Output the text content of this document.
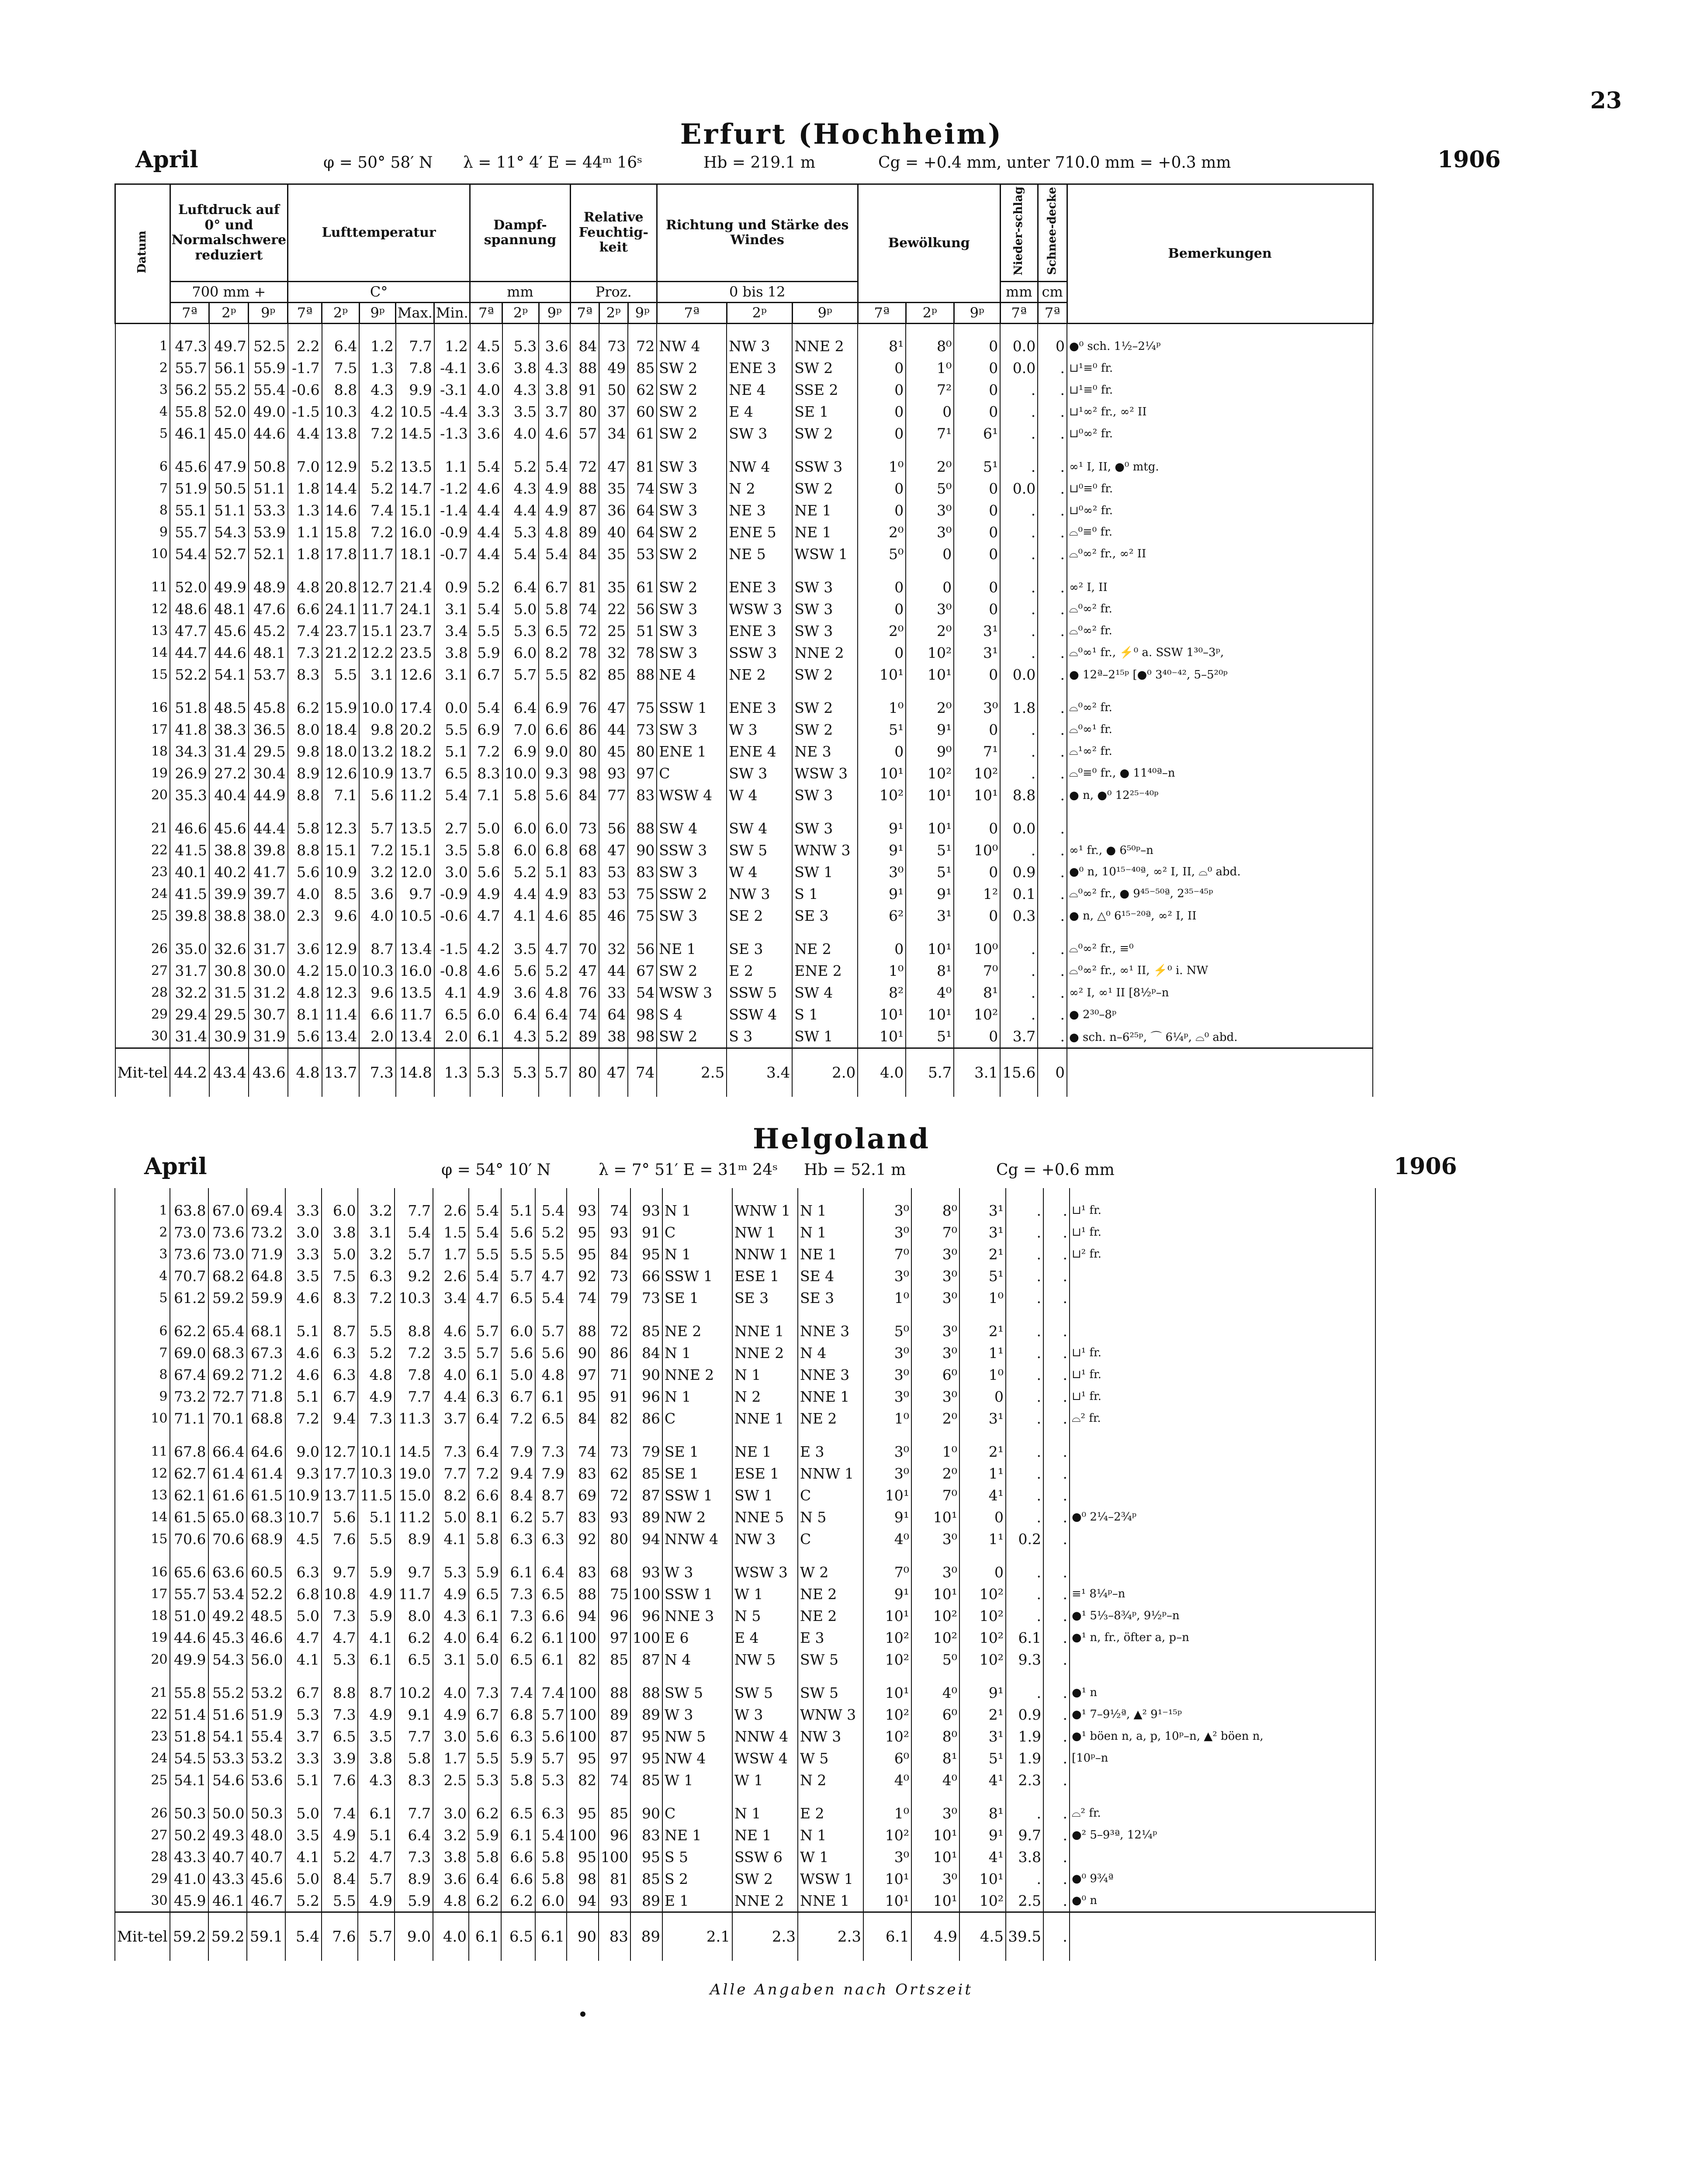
23
Erfurt (Hochheim)
April	φ = 50° 58′ N λ = 11° 4′ E = 44ᵐ 16ˢ	Hb = 219.1 m	Cg = +0.4 mm, unter 710.0 mm = +0.3 mm	1906
Datum	Luftdruck auf 0° und Normalschwere reduziert			Lufttemperatur					Dampf-spannung			Relative Feuchtig-keit			Richtung und Stärke des Windes			Bewölkung			Nieder-schlag	Schnee-decke	Bemerkungen
	700 mm +			C°					mm			Proz.			0 bis 12						mm	cm	
	7ª	2ᵖ	9ᵖ	7ª	2ᵖ	9ᵖ	Max.	Min.	7ª	2ᵖ	9ᵖ	7ª	2ᵖ	9ᵖ	7ª	2ᵖ	9ᵖ	7ª	2ᵖ	9ᵖ	7ª	7ª	
1	47.3	49.7	52.5	2.2	6.4	1.2	7.7	1.2	4.5	5.3	3.6	84	73	72	NW 4	NW 3	NNE 2	8¹	8⁰	0	0.0	0	●⁰ sch. 1½–2¼ᵖ
2	55.7	56.1	55.9	-1.7	7.5	1.3	7.8	-4.1	3.6	3.8	4.3	88	49	85	SW 2	ENE 3	SW 2	0	1⁰	0	0.0	.	⊔¹≡⁰ fr.
3	56.2	55.2	55.4	-0.6	8.8	4.3	9.9	-3.1	4.0	4.3	3.8	91	50	62	SW 2	NE 4	SSE 2	0	7²	0	.	.	⊔¹≡⁰ fr.
4	55.8	52.0	49.0	-1.5	10.3	4.2	10.5	-4.4	3.3	3.5	3.7	80	37	60	SW 2	E 4	SE 1	0	0	0	.	.	⊔¹∞² fr., ∞² II
5	46.1	45.0	44.6	4.4	13.8	7.2	14.5	-1.3	3.6	4.0	4.6	57	34	61	SW 2	SW 3	SW 2	0	7¹	6¹	.	.	⊔⁰∞² fr.

6	45.6	47.9	50.8	7.0	12.9	5.2	13.5	1.1	5.4	5.2	5.4	72	47	81	SW 3	NW 4	SSW 3	1⁰	2⁰	5¹	.	.	∞¹ I, II, ●⁰ mtg.
7	51.9	50.5	51.1	1.8	14.4	5.2	14.7	-1.2	4.6	4.3	4.9	88	35	74	SW 3	N 2	SW 2	0	5⁰	0	0.0	.	⊔⁰≡⁰ fr.
8	55.1	51.1	53.3	1.3	14.6	7.4	15.1	-1.4	4.4	4.4	4.9	87	36	64	SW 3	NE 3	NE 1	0	3⁰	0	.	.	⊔⁰∞² fr.
9	55.7	54.3	53.9	1.1	15.8	7.2	16.0	-0.9	4.4	5.3	4.8	89	40	64	SW 2	ENE 5	NE 1	2⁰	3⁰	0	.	.	⌓⁰≡⁰ fr.
10	54.4	52.7	52.1	1.8	17.8	11.7	18.1	-0.7	4.4	5.4	5.4	84	35	53	SW 2	NE 5	WSW 1	5⁰	0	0	.	.	⌓⁰∞² fr., ∞² II

11	52.0	49.9	48.9	4.8	20.8	12.7	21.4	0.9	5.2	6.4	6.7	81	35	61	SW 2	ENE 3	SW 3	0	0	0	.	.	∞² I, II
12	48.6	48.1	47.6	6.6	24.1	11.7	24.1	3.1	5.4	5.0	5.8	74	22	56	SW 3	WSW 3	SW 3	0	3⁰	0	.	.	⌓⁰∞² fr.
13	47.7	45.6	45.2	7.4	23.7	15.1	23.7	3.4	5.5	5.3	6.5	72	25	51	SW 3	ENE 3	SW 3	2⁰	2⁰	3¹	.	.	⌓⁰∞² fr.
14	44.7	44.6	48.1	7.3	21.2	12.2	23.5	3.8	5.9	6.0	8.2	78	32	78	SW 3	SSW 3	NNE 2	0	10²	3¹	.	.	⌓⁰∞¹ fr., ⚡⁰ a. SSW 1³⁰–3ᵖ,
15	52.2	54.1	53.7	8.3	5.5	3.1	12.6	3.1	6.7	5.7	5.5	82	85	88	NE 4	NE 2	SW 2	10¹	10¹	0	0.0	.	● 12ª–2¹⁵ᵖ [●⁰ 3⁴⁰⁻⁴², 5–5²⁰ᵖ

16	51.8	48.5	45.8	6.2	15.9	10.0	17.4	0.0	5.4	6.4	6.9	76	47	75	SSW 1	ENE 3	SW 2	1⁰	2⁰	3⁰	1.8	.	⌓⁰∞² fr.
17	41.8	38.3	36.5	8.0	18.4	9.8	20.2	5.5	6.9	7.0	6.6	86	44	73	SW 3	W 3	SW 2	5¹	9¹	0	.	.	⌓⁰∞¹ fr.
18	34.3	31.4	29.5	9.8	18.0	13.2	18.2	5.1	7.2	6.9	9.0	80	45	80	ENE 1	ENE 4	NE 3	0	9⁰	7¹	.	.	⌓¹∞² fr.
19	26.9	27.2	30.4	8.9	12.6	10.9	13.7	6.5	8.3	10.0	9.3	98	93	97	C	SW 3	WSW 3	10¹	10²	10²	.	.	⌓⁰≡⁰ fr., ● 11⁴⁰ª–n
20	35.3	40.4	44.9	8.8	7.1	5.6	11.2	5.4	7.1	5.8	5.6	84	77	83	WSW 4	W 4	SW 3	10²	10¹	10¹	8.8	.	● n, ●⁰ 12²⁵⁻⁴⁰ᵖ

21	46.6	45.6	44.4	5.8	12.3	5.7	13.5	2.7	5.0	6.0	6.0	73	56	88	SW 4	SW 4	SW 3	9¹	10¹	0	0.0	.	
22	41.5	38.8	39.8	8.8	15.1	7.2	15.1	3.5	5.8	6.0	6.8	68	47	90	SSW 3	SW 5	WNW 3	9¹	5¹	10⁰	.	.	∞¹ fr., ● 6⁵⁰ᵖ–n
23	40.1	40.2	41.7	5.6	10.9	3.2	12.0	3.0	5.6	5.2	5.1	83	53	83	SW 3	W 4	SW 1	3⁰	5¹	0	0.9	.	●⁰ n, 10¹⁵⁻⁴⁰ª, ∞² I, II, ⌓⁰ abd.
24	41.5	39.9	39.7	4.0	8.5	3.6	9.7	-0.9	4.9	4.4	4.9	83	53	75	SSW 2	NW 3	S 1	9¹	9¹	1²	0.1	.	⌓⁰∞² fr., ● 9⁴⁵⁻⁵⁰ª, 2³⁵⁻⁴⁵ᵖ
25	39.8	38.8	38.0	2.3	9.6	4.0	10.5	-0.6	4.7	4.1	4.6	85	46	75	SW 3	SE 2	SE 3	6²	3¹	0	0.3	.	● n, △⁰ 6¹⁵⁻²⁰ª, ∞² I, II

26	35.0	32.6	31.7	3.6	12.9	8.7	13.4	-1.5	4.2	3.5	4.7	70	32	56	NE 1	SE 3	NE 2	0	10¹	10⁰	.	.	⌓⁰∞² fr., ≡⁰
27	31.7	30.8	30.0	4.2	15.0	10.3	16.0	-0.8	4.6	5.6	5.2	47	44	67	SW 2	E 2	ENE 2	1⁰	8¹	7⁰	.	.	⌓⁰∞² fr., ∞¹ II, ⚡⁰ i. NW
28	32.2	31.5	31.2	4.8	12.3	9.6	13.5	4.1	4.9	3.6	4.8	76	33	54	WSW 3	SSW 5	SW 4	8²	4⁰	8¹	.	.	∞² I, ∞¹ II [8½ᵖ–n
29	29.4	29.5	30.7	8.1	11.4	6.6	11.7	6.5	6.0	6.4	6.4	74	64	98	S 4	SSW 4	S 1	10¹	10¹	10²	.	.	● 2³⁰–8ᵖ
30	31.4	30.9	31.9	5.6	13.4	2.0	13.4	2.0	6.1	4.3	5.2	89	38	98	SW 2	S 3	SW 1	10¹	5¹	0	3.7	.	● sch. n–6²⁵ᵖ, ⌒ 6¼ᵖ, ⌓⁰ abd.
Mit-tel	44.2	43.4	43.6	4.8	13.7	7.3	14.8	1.3	5.3	5.3	5.7	80	47	74	2.5	3.4	2.0	4.0	5.7	3.1	15.6	0	
Helgoland
April	φ = 54° 10′ N	λ = 7° 51′ E = 31ᵐ 24ˢ Hb = 52.1 m	Cg = +0.6 mm	1906
1	63.8	67.0	69.4	3.3	6.0	3.2	7.7	2.6	5.4	5.1	5.4	93	74	93	N 1	WNW 1	N 1	3⁰	8⁰	3¹	.	.	⊔¹ fr.
2	73.0	73.6	73.2	3.0	3.8	3.1	5.4	1.5	5.4	5.6	5.2	95	93	91	C	NW 1	N 1	3⁰	7⁰	3¹	.	.	⊔¹ fr.
3	73.6	73.0	71.9	3.3	5.0	3.2	5.7	1.7	5.5	5.5	5.5	95	84	95	N 1	NNW 1	NE 1	7⁰	3⁰	2¹	.	.	⊔² fr.
4	70.7	68.2	64.8	3.5	7.5	6.3	9.2	2.6	5.4	5.7	4.7	92	73	66	SSW 1	ESE 1	SE 4	3⁰	3⁰	5¹	.	.	
5	61.2	59.2	59.9	4.6	8.3	7.2	10.3	3.4	4.7	6.5	5.4	74	79	73	SE 1	SE 3	SE 3	1⁰	3⁰	1⁰	.	.	

6	62.2	65.4	68.1	5.1	8.7	5.5	8.8	4.6	5.7	6.0	5.7	88	72	85	NE 2	NNE 1	NNE 3	5⁰	3⁰	2¹	.	.	
7	69.0	68.3	67.3	4.6	6.3	5.2	7.2	3.5	5.7	5.6	5.6	90	86	84	N 1	NNE 2	N 4	3⁰	3⁰	1¹	.	.	⊔¹ fr.
8	67.4	69.2	71.2	4.6	6.3	4.8	7.8	4.0	6.1	5.0	4.8	97	71	90	NNE 2	N 1	NNE 3	3⁰	6⁰	1⁰	.	.	⊔¹ fr.
9	73.2	72.7	71.8	5.1	6.7	4.9	7.7	4.4	6.3	6.7	6.1	95	91	96	N 1	N 2	NNE 1	3⁰	3⁰	0	.	.	⊔¹ fr.
10	71.1	70.1	68.8	7.2	9.4	7.3	11.3	3.7	6.4	7.2	6.5	84	82	86	C	NNE 1	NE 2	1⁰	2⁰	3¹	.	.	⌓² fr.

11	67.8	66.4	64.6	9.0	12.7	10.1	14.5	7.3	6.4	7.9	7.3	74	73	79	SE 1	NE 1	E 3	3⁰	1⁰	2¹	.	.	
12	62.7	61.4	61.4	9.3	17.7	10.3	19.0	7.7	7.2	9.4	7.9	83	62	85	SE 1	ESE 1	NNW 1	3⁰	2⁰	1¹	.	.	
13	62.1	61.6	61.5	10.9	13.7	11.5	15.0	8.2	6.6	8.4	8.7	69	72	87	SSW 1	SW 1	C	10¹	7⁰	4¹	.	.	
14	61.5	65.0	68.3	10.7	5.6	5.1	11.2	5.0	8.1	6.2	5.7	83	93	89	NW 2	NNE 5	N 5	9¹	10¹	0	.	.	●⁰ 2¼–2¾ᵖ
15	70.6	70.6	68.9	4.5	7.6	5.5	8.9	4.1	5.8	6.3	6.3	92	80	94	NNW 4	NW 3	C	4⁰	3⁰	1¹	0.2	.	

16	65.6	63.6	60.5	6.3	9.7	5.9	9.7	5.3	5.9	6.1	6.4	83	68	93	W 3	WSW 3	W 2	7⁰	3⁰	0	.	.	
17	55.7	53.4	52.2	6.8	10.8	4.9	11.7	4.9	6.5	7.3	6.5	88	75	100	SSW 1	W 1	NE 2	9¹	10¹	10²	.	.	≡¹ 8¼ᵖ–n
18	51.0	49.2	48.5	5.0	7.3	5.9	8.0	4.3	6.1	7.3	6.6	94	96	96	NNE 3	N 5	NE 2	10¹	10²	10²	.	.	●¹ 5⅓–8¾ᵖ, 9½ᵖ–n
19	44.6	45.3	46.6	4.7	4.7	4.1	6.2	4.0	6.4	6.2	6.1	100	97	100	E 6	E 4	E 3	10²	10²	10²	6.1	.	●¹ n, fr., öfter a, p–n
20	49.9	54.3	56.0	4.1	5.3	6.1	6.5	3.1	5.0	6.5	6.1	82	85	87	N 4	NW 5	SW 5	10²	5⁰	10²	9.3	.	

21	55.8	55.2	53.2	6.7	8.8	8.7	10.2	4.0	7.3	7.4	7.4	100	88	88	SW 5	SW 5	SW 5	10¹	4⁰	9¹	.	.	●¹ n
22	51.4	51.6	51.9	5.3	7.3	4.9	9.1	4.9	6.7	6.8	5.7	100	89	89	W 3	W 3	WNW 3	10²	6⁰	2¹	0.9	.	●¹ 7–9½ª, ▲² 9¹⁻¹⁵ᵖ
23	51.8	54.1	55.4	3.7	6.5	3.5	7.7	3.0	5.6	6.3	5.6	100	87	95	NW 5	NNW 4	NW 3	10²	8⁰	3¹	1.9	.	●¹ böen n, a, p, 10ᵖ–n, ▲² böen n,
24	54.5	53.3	53.2	3.3	3.9	3.8	5.8	1.7	5.5	5.9	5.7	95	97	95	NW 4	WSW 4	W 5	6⁰	8¹	5¹	1.9	.	[10ᵖ–n
25	54.1	54.6	53.6	5.1	7.6	4.3	8.3	2.5	5.3	5.8	5.3	82	74	85	W 1	W 1	N 2	4⁰	4⁰	4¹	2.3	.	

26	50.3	50.0	50.3	5.0	7.4	6.1	7.7	3.0	6.2	6.5	6.3	95	85	90	C	N 1	E 2	1⁰	3⁰	8¹	.	.	⌓² fr.
27	50.2	49.3	48.0	3.5	4.9	5.1	6.4	3.2	5.9	6.1	5.4	100	96	83	NE 1	NE 1	N 1	10²	10¹	9¹	9.7	.	●² 5–9³ª, 12¼ᵖ
28	43.3	40.7	40.7	4.1	5.2	4.7	7.3	3.8	5.8	6.6	5.8	95	100	95	S 5	SSW 6	W 1	3⁰	10¹	4¹	3.8	.	
29	41.0	43.3	45.6	5.0	8.4	5.7	8.9	3.6	6.4	6.6	5.8	98	81	85	S 2	SW 2	WSW 1	10¹	3⁰	10¹	.	.	●⁰ 9¾ª
30	45.9	46.1	46.7	5.2	5.5	4.9	5.9	4.8	6.2	6.2	6.0	94	93	89	E 1	NNE 2	NNE 1	10¹	10¹	10²	2.5	.	●⁰ n
Mit-tel	59.2	59.2	59.1	5.4	7.6	5.7	9.0	4.0	6.1	6.5	6.1	90	83	89	2.1	2.3	2.3	6.1	4.9	4.5	39.5	.	
Alle Angaben nach Ortszeit
